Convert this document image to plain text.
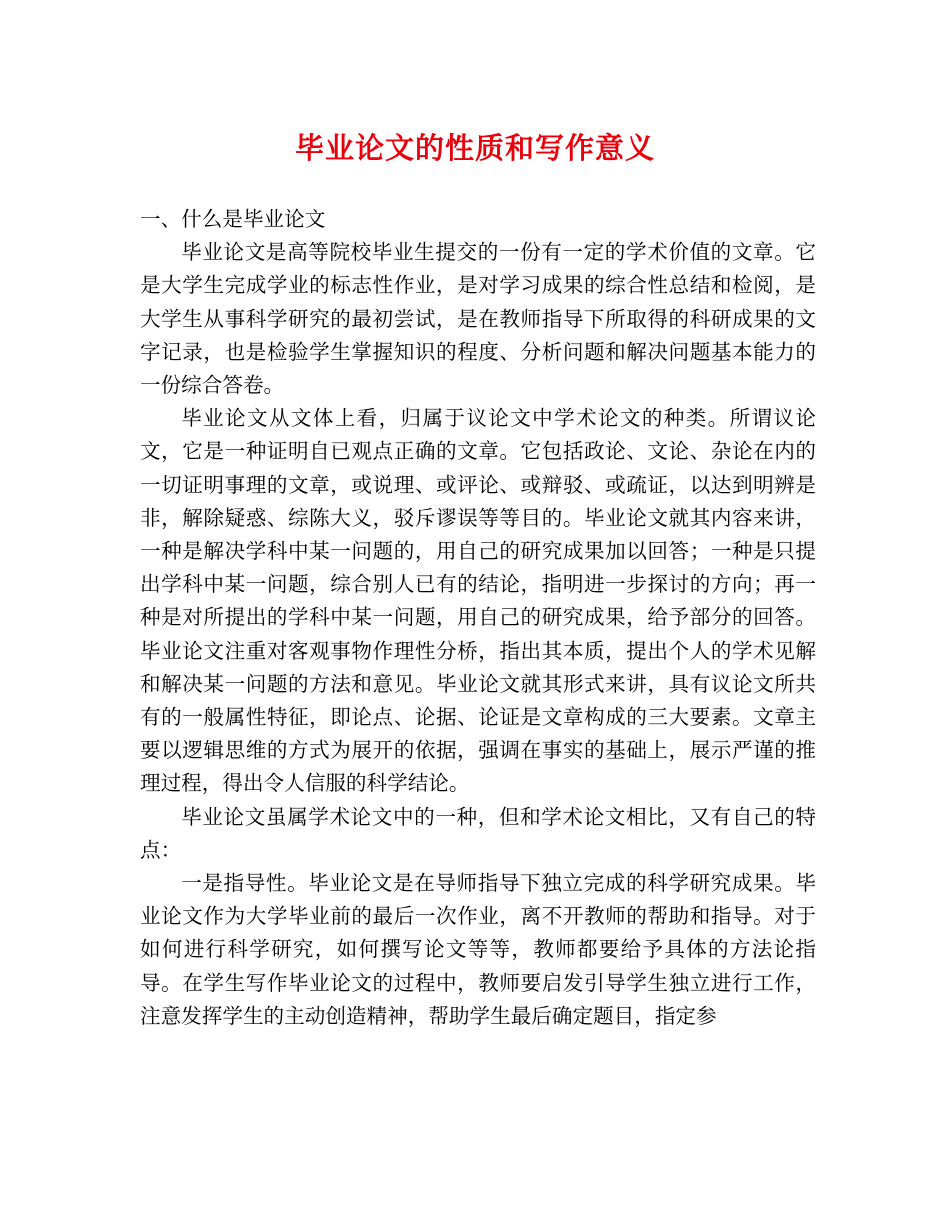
毕业论文的性质和写作意义

一、什么是毕业论文

毕业论文是高等院校毕业生提交的一份有一定的学术价值的文章。它是大学生完成学业的标志性作业，是对学习成果的综合性总结和检阅，是大学生从事科学研究的最初尝试，是在教师指导下所取得的科研成果的文字记录，也是检验学生掌握知识的程度、分析问题和解决问题基本能力的一份综合答卷。

毕业论文从文体上看，归属于议论文中学术论文的种类。所谓议论文，它是一种证明自已观点正确的文章。它包括政论、文论、杂论在内的一切证明事理的文章，或说理、或评论、或辩驳、或疏证，以达到明辨是非，解除疑惑、综陈大义，驳斥谬误等等目的。毕业论文就其内容来讲，一种是解决学科中某一问题的，用自己的研究成果加以回答；一种是只提出学科中某一问题，综合别人已有的结论，指明进一步探讨的方向；再一种是对所提出的学科中某一问题，用自己的研究成果，给予部分的回答。毕业论文注重对客观事物作理性分桥，指出其本质，提出个人的学术见解和解决某一问题的方法和意见。毕业论文就其形式来讲，具有议论文所共有的一般属性特征，即论点、论据、论证是文章构成的三大要素。文章主要以逻辑思维的方式为展开的依据，强调在事实的基础上，展示严谨的推理过程，得出令人信服的科学结论。

毕业论文虽属学术论文中的一种，但和学术论文相比，又有自己的特点：

一是指导性。毕业论文是在导师指导下独立完成的科学研究成果。毕业论文作为大学毕业前的最后一次作业，离不开教师的帮助和指导。对于如何进行科学研究，如何撰写论文等等，教师都要给予具体的方法论指导。在学生写作毕业论文的过程中，教师要启发引导学生独立进行工作，注意发挥学生的主动创造精神，帮助学生最后确定题目，指定参
